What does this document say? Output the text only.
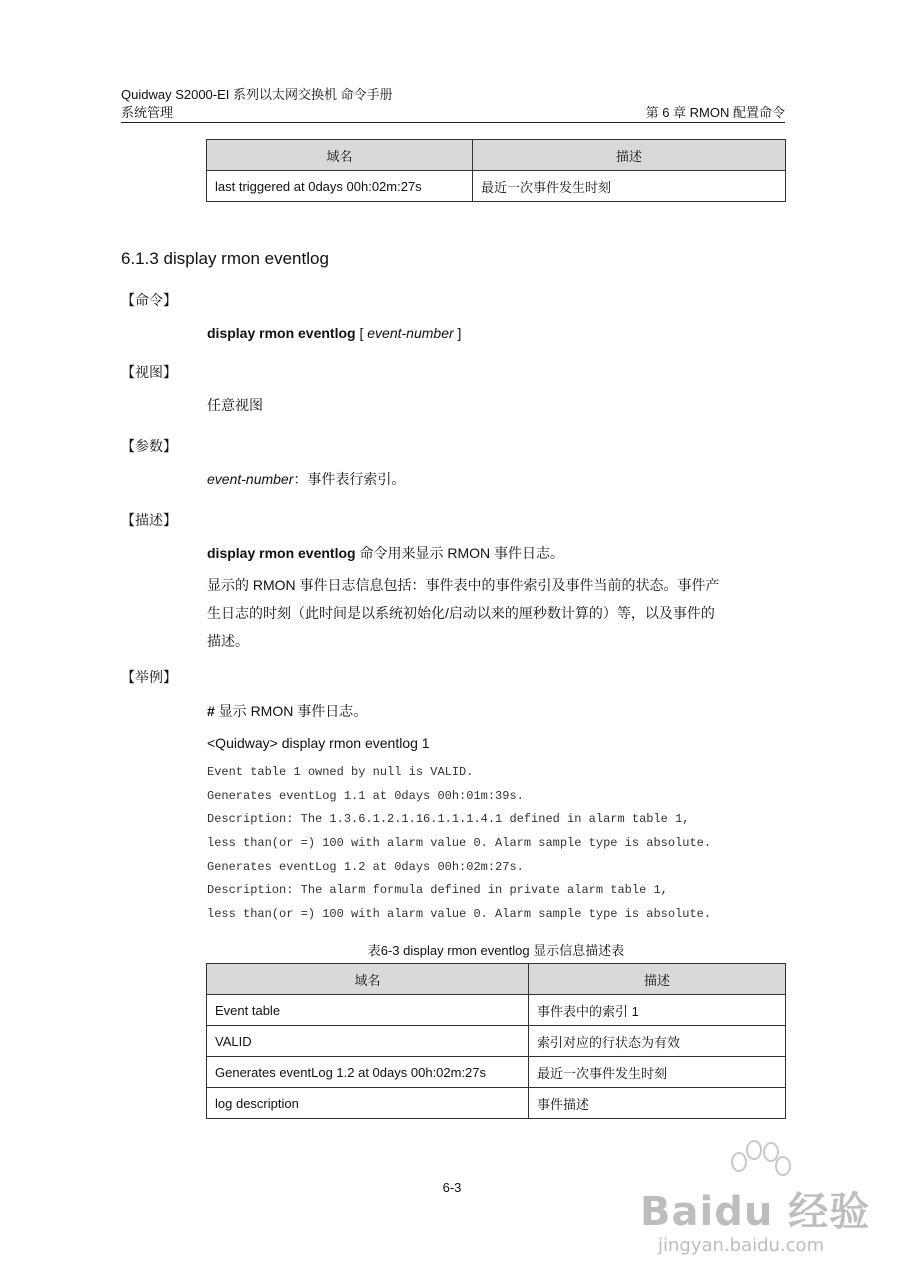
Quidway S2000-EI 系列以太网交换机 命令手册
系统管理	第 6 章 RMON 配置命令
域名	描述
last triggered at 0days 00h:02m:27s	最近一次事件发生时刻
6.1.3 display rmon eventlog
【命令】
display rmon eventlog [ event-number ]
【视图】
任意视图
【参数】
event-number：事件表行索引。
【描述】
display rmon eventlog 命令用来显示 RMON 事件日志。
显示的 RMON 事件日志信息包括：事件表中的事件索引及事件当前的状态。事件产
生日志的时刻（此时间是以系统初始化/启动以来的厘秒数计算的）等，以及事件的
描述。
【举例】
# 显示 RMON 事件日志。
<Quidway> display rmon eventlog 1
Event table 1 owned by null is VALID.
Generates eventLog 1.1 at 0days 00h:01m:39s.
Description: The 1.3.6.1.2.1.16.1.1.1.4.1 defined in alarm table 1,
less than(or =) 100 with alarm value 0. Alarm sample type is absolute.
Generates eventLog 1.2 at 0days 00h:02m:27s.
Description: The alarm formula defined in private alarm table 1,
less than(or =) 100 with alarm value 0. Alarm sample type is absolute.
表6-3 display rmon eventlog 显示信息描述表
域名	描述
Event table	事件表中的索引 1
VALID	索引对应的行状态为有效
Generates eventLog 1.2 at 0days 00h:02m:27s	最近一次事件发生时刻
log description	事件描述
6-3
Baidu 经验
jingyan.baidu.com
